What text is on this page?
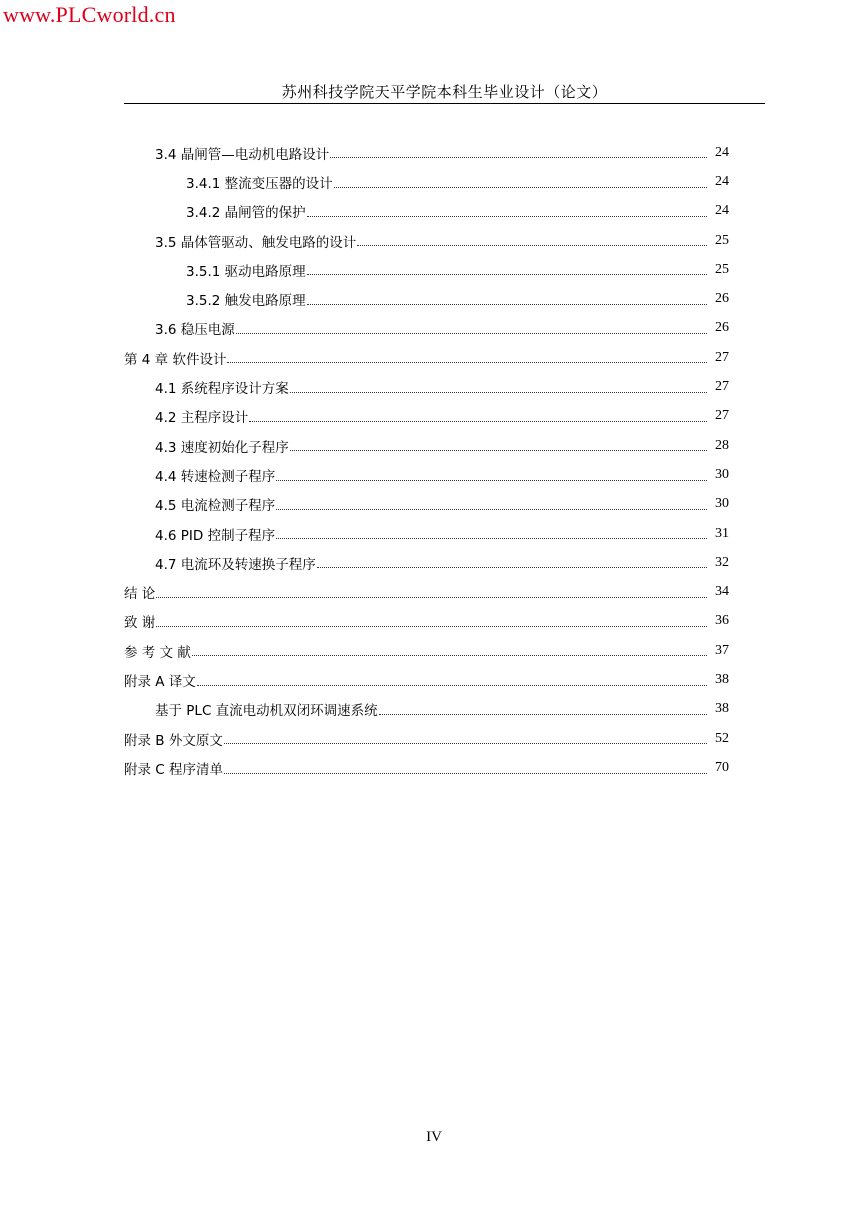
www.PLCworld.cn
苏州科技学院天平学院本科生毕业设计（论文）
3.4 晶闸管—电动机电路设计	24
3.4.1 整流变压器的设计	24
3.4.2 晶闸管的保护	24
3.5 晶体管驱动、触发电路的设计	25
3.5.1 驱动电路原理	25
3.5.2 触发电路原理	26
3.6 稳压电源	26
第 4 章 软件设计	27
4.1 系统程序设计方案	27
4.2 主程序设计	27
4.3 速度初始化子程序	28
4.4 转速检测子程序	30
4.5 电流检测子程序	30
4.6 PID 控制子程序	31
4.7 电流环及转速换子程序	32
结 论	34
致 谢	36
参 考 文 献	37
附录 A 译文	38
基于 PLC 直流电动机双闭环调速系统	38
附录 B 外文原文	52
附录 C 程序清单	70
IV
